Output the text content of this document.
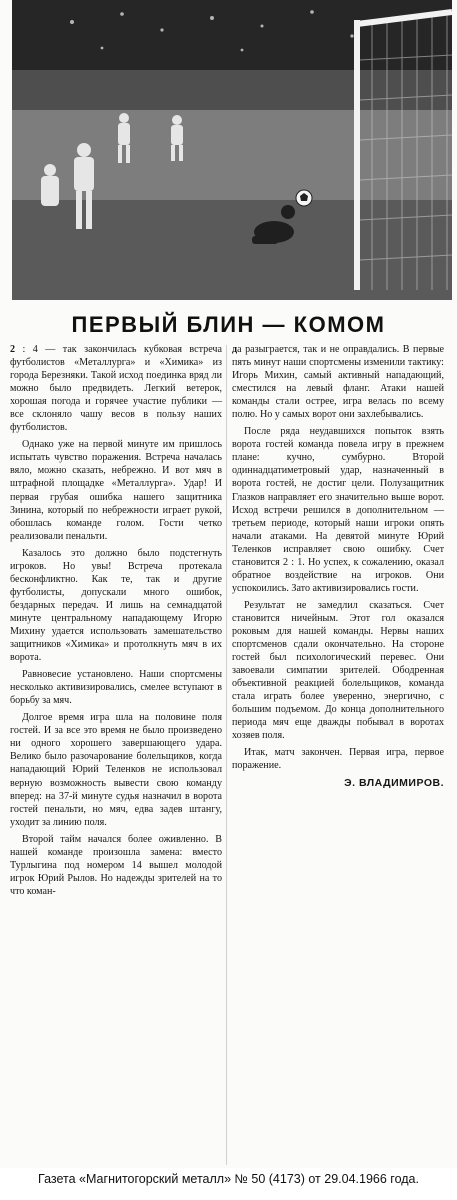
ПЕРВЫЙ БЛИН — КОМОМ

2 : 4 — так закончилась кубковая встреча футболистов «Металлурга» и «Химика» из города Березняки. Такой исход поединка вряд ли можно было предвидеть. Легкий ветерок, хорошая погода и горячее участие публики — все склоняло чашу весов в пользу наших футболистов.

Однако уже на первой минуте им пришлось испытать чувство поражения. Встреча началась вяло, можно сказать, небрежно. И вот мяч в штрафной площадке «Металлурга». Удар! И первая грубая ошибка нашего защитника Зинина, который по небрежности играет рукой, обошлась команде голом. Гости четко реализовали пенальти.

Казалось это должно было подстегнуть игроков. Но увы! Встреча протекала бесконфликтно. Как те, так и другие футболисты, допускали много ошибок, бездарных передач. И лишь на семнадцатой минуте центральному нападающему Игорю Михину удается использовать замешательство защитников «Химика» и протолкнуть мяч в их ворота.

Равновесие установлено. Наши спортсмены несколько активизировались, смелее вступают в борьбу за мяч.

Долгое время игра шла на половине поля гостей. И за все это время не было произведено ни одного хорошего завершающего удара. Велико было разочарование болельщиков, когда нападающий Юрий Теленков не использовал верную возможность вывести свою команду вперед: на 37-й минуте судья назначил в ворота гостей пенальти, но мяч, едва задев штангу, уходит за линию поля.

Второй тайм начался более оживленно. В нашей команде произошла замена: вместо Турлыгина под номером 14 вышел молодой игрок Юрий Рылов. Но надежды зрителей на то что коман-

да разыграется, так и не оправдались. В первые пять минут наши спортсмены изменили тактику: Игорь Михин, самый активный нападающий, сместился на левый фланг. Атаки нашей команды стали острее, игра велась по всему полю. Но у самых ворот они захлебывались.

После ряда неудавшихся попыток взять ворота гостей команда повела игру в прежнем плане: кучно, сумбурно. Второй одиннадцатиметровый удар, назначенный в ворота гостей, не достиг цели. Полузащитник Глазков направляет его значительно выше ворот. Исход встречи решился в дополнительном — третьем периоде, который наши игроки опять начали атаками. На девятой минуте Юрий Теленков исправляет свою ошибку. Счет становится 2 : 1. Но успех, к сожалению, оказал обратное воздействие на игроков. Они успокоились. Зато активизировались гости.

Результат не замедлил сказаться. Счет становится ничейным. Этот гол оказался роковым для нашей команды. Нервы наших спортсменов сдали окончательно. На стороне гостей был психологический перевес. Они завоевали симпатии зрителей. Ободренная объективной реакцией болельщиков, команда стала играть более уверенно, энергично, с большим подъемом. До конца дополнительного периода мяч еще дважды побывал в воротах хозяев поля.

Итак, матч закончен. Первая игра, первое поражение.

Э. ВЛАДИМИРОВ.
Газета «Магнитогорский металл» № 50 (4173) от 29.04.1966 года.
